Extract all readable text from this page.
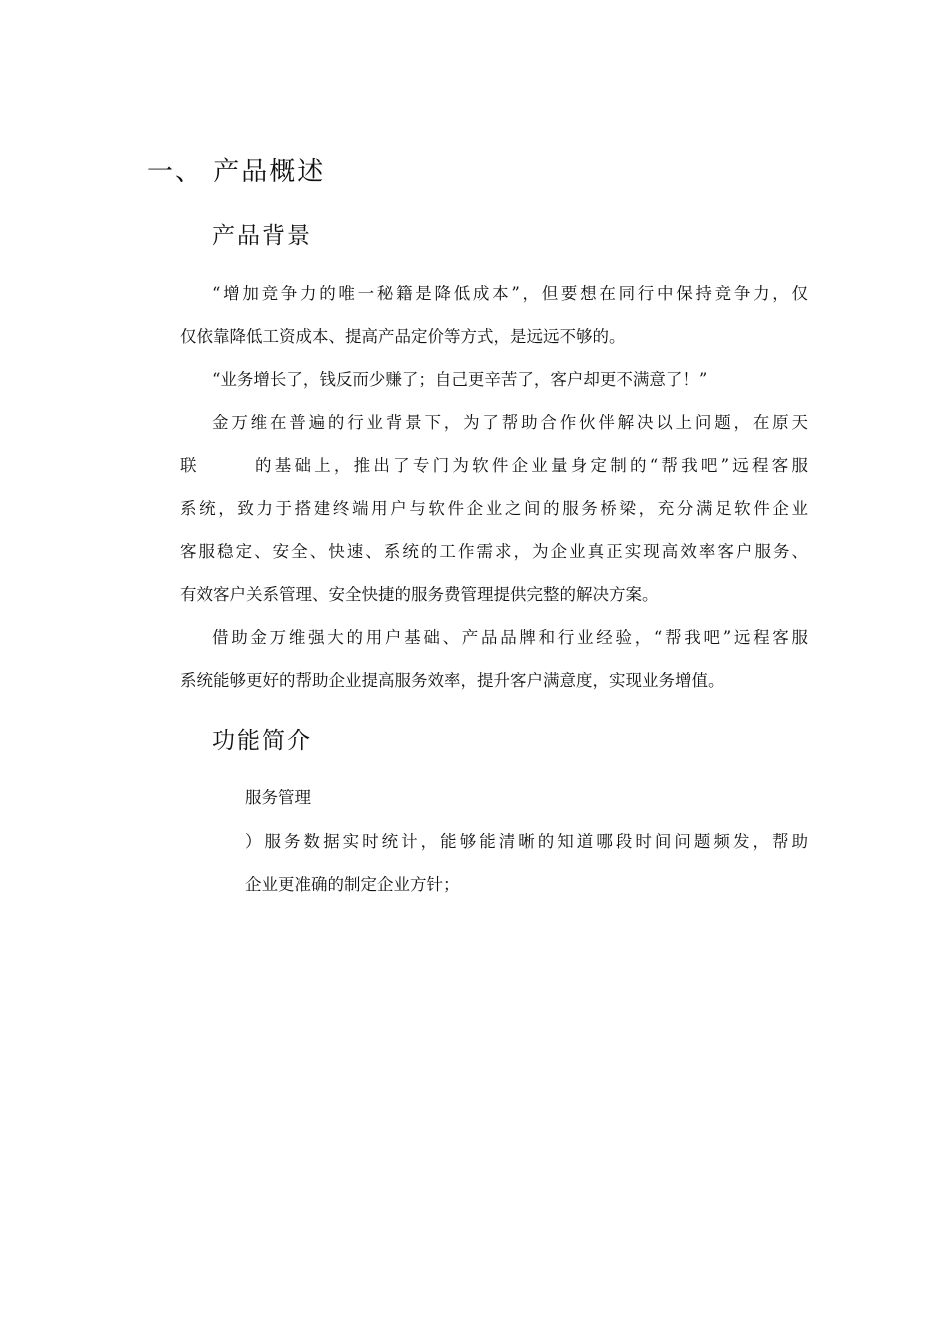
一、 产品概述
产品背景
“增加竞争力的唯一秘籍是降低成本”，但要想在同行中保持竞争力，仅
仅依靠降低工资成本、提高产品定价等方式，是远远不够的。
“业务增长了，钱反而少赚了；自己更辛苦了，客户却更不满意了！”
金万维在普遍的行业背景下，为了帮助合作伙伴解决以上问题，在原天
联	的基础上，推出了专门为软件企业量身定制的“帮我吧”远程客服
系统，致力于搭建终端用户与软件企业之间的服务桥梁，充分满足软件企业
客服稳定、安全、快速、系统的工作需求，为企业真正实现高效率客户服务、
有效客户关系管理、安全快捷的服务费管理提供完整的解决方案。
借助金万维强大的用户基础、产品品牌和行业经验，“帮我吧”远程客服
系统能够更好的帮助企业提高服务效率，提升客户满意度，实现业务增值。
功能简介
服务管理
）服务数据实时统计，能够能清晰的知道哪段时间问题频发，帮助
企业更准确的制定企业方针；
